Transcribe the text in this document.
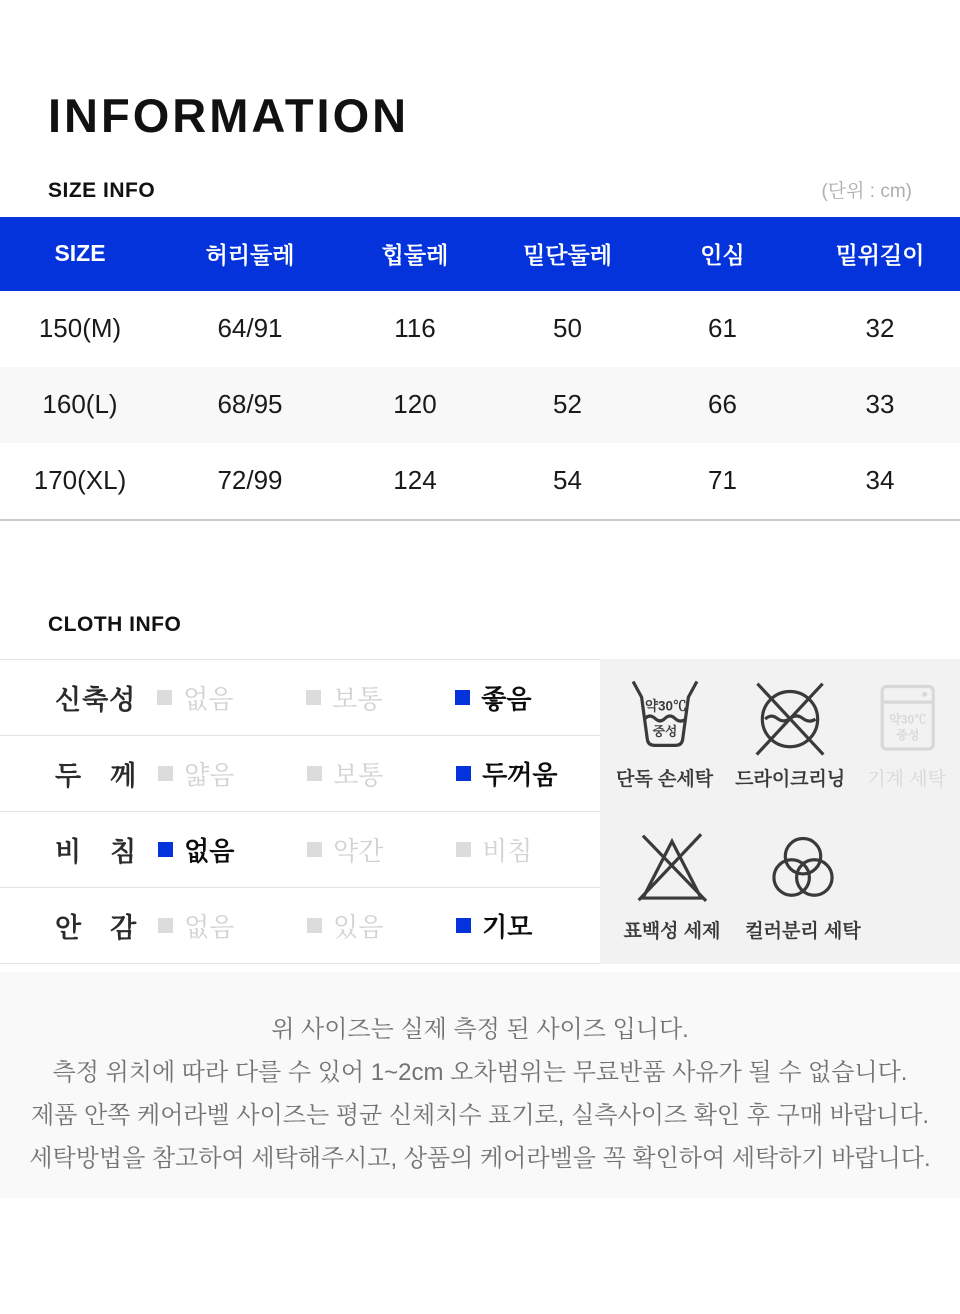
INFORMATION
SIZE INFO	(단위 : cm)
SIZE	허리둘레	힙둘레	밑단둘레	인심	밑위길이
150(M)	64/91	116	50	61	32
160(L)	68/95	120	52	66	33
170(XL)	72/99	124	54	71	34
CLOTH INFO
신축성 없음	보통	좋음
두　께 얇음	보통	두꺼움
비　침 없음	약간	비침
안　감 없음	있음	기모
약30℃
중성
단독 손세탁 드라이크리닝
약30℃
중성
기계 세탁
표백성 세제 컬러분리 세탁

위 사이즈는 실제 측정 된 사이즈 입니다.

측정 위치에 따라 다를 수 있어 1~2cm 오차범위는 무료반품 사유가 될 수 없습니다.

제품 안쪽 케어라벨 사이즈는 평균 신체치수 표기로, 실측사이즈 확인 후 구매 바랍니다.

세탁방법을 참고하여 세탁해주시고, 상품의 케어라벨을 꼭 확인하여 세탁하기 바랍니다.
